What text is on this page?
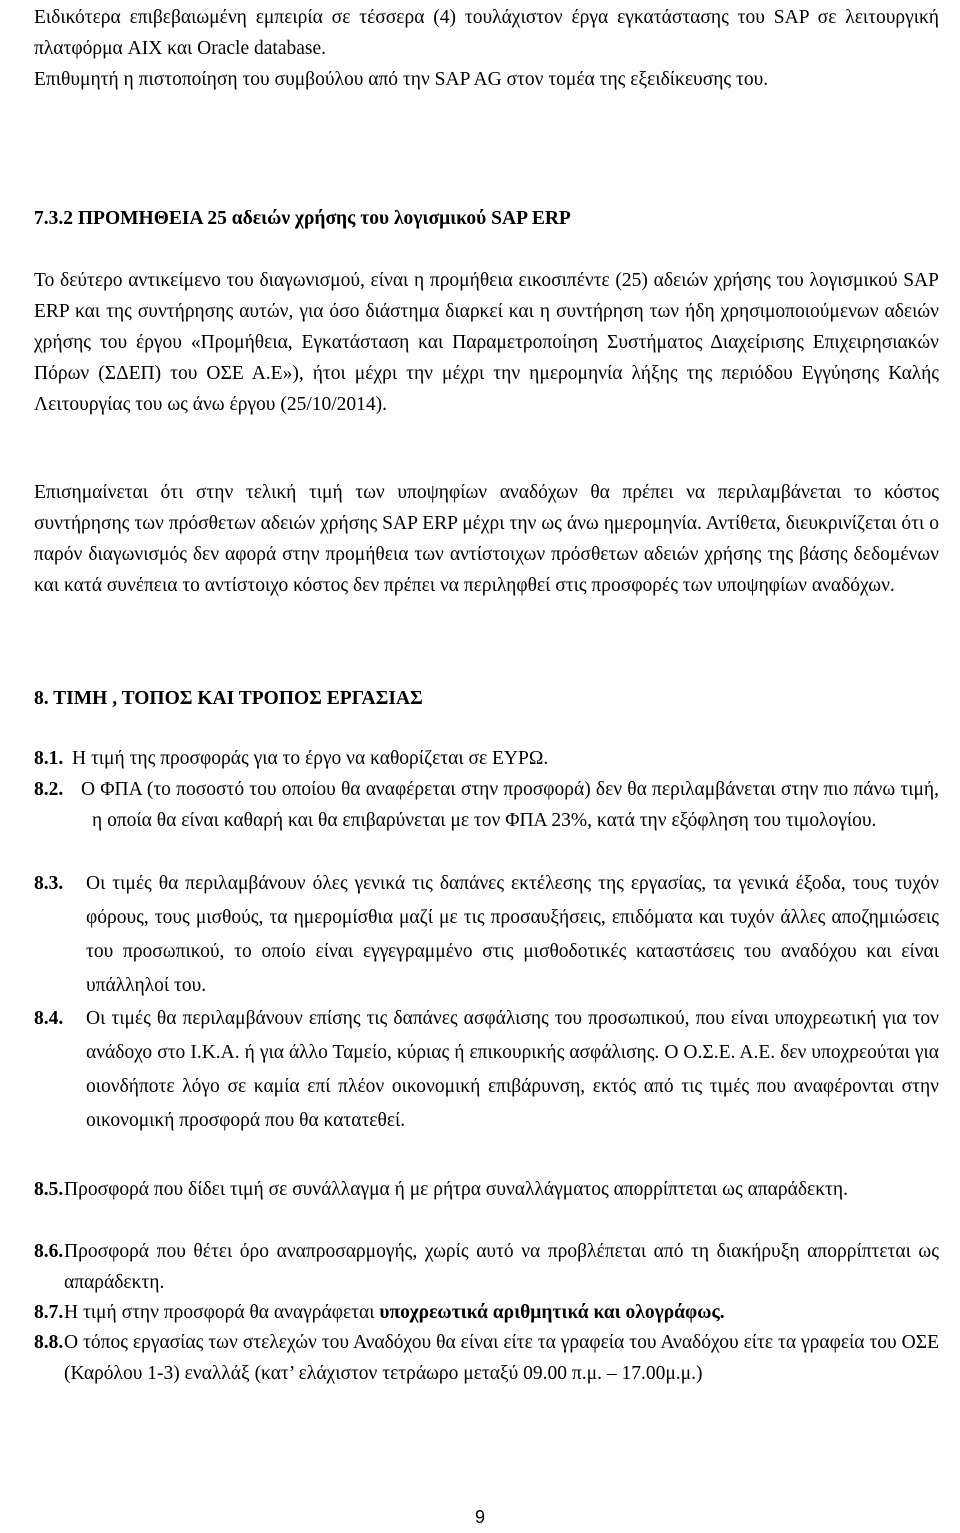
Ειδικότερα επιβεβαιωμένη εμπειρία σε τέσσερα (4) τουλάχιστον έργα εγκατάστασης του SAP σε λειτουργική πλατφόρμα AIX και Oracle database.

Επιθυμητή η πιστοποίηση του συμβούλου από την SAP AG στον τομέα της εξειδίκευσης του.

7.3.2 ΠΡΟΜΗΘΕΙΑ 25 αδειών χρήσης του λογισμικού SAP ERP

Το δεύτερο αντικείμενο του διαγωνισμού, είναι η προμήθεια εικοσιπέντε (25) αδειών χρήσης του λογισμικού SAP ERP και της συντήρησης αυτών, για όσο διάστημα διαρκεί και η συντήρηση των ήδη χρησιμοποιούμενων αδειών χρήσης του έργου «Προμήθεια, Εγκατάσταση και Παραμετροποίηση Συστήματος Διαχείρισης Επιχειρησιακών Πόρων (ΣΔΕΠ) του ΟΣΕ Α.Ε»), ήτοι μέχρι την μέχρι την ημερομηνία λήξης της περιόδου Εγγύησης Καλής Λειτουργίας του ως άνω έργου (25/10/2014).

Επισημαίνεται ότι στην τελική τιμή των υποψηφίων αναδόχων θα πρέπει να περιλαμβάνεται το κόστος συντήρησης των πρόσθετων αδειών χρήσης SAP ERP μέχρι την ως άνω ημερομηνία. Αντίθετα, διευκρινίζεται ότι ο παρόν διαγωνισμός δεν αφορά στην προμήθεια των αντίστοιχων πρόσθετων αδειών χρήσης της βάσης δεδομένων και κατά συνέπεια το αντίστοιχο κόστος δεν πρέπει να περιληφθεί στις προσφορές των υποψηφίων αναδόχων.

8. ΤΙΜΗ , ΤΟΠΟΣ ΚΑΙ ΤΡΟΠΟΣ ΕΡΓΑΣΙΑΣ

8.1. Η τιμή της προσφοράς για το έργο να καθορίζεται σε ΕΥΡΩ.
8.2. Ο ΦΠΑ (το ποσοστό του οποίου θα αναφέρεται στην προσφορά) δεν θα περιλαμβάνεται στην πιο πάνω τιμή, η οποία θα είναι καθαρή και θα επιβαρύνεται με τον ΦΠΑ 23%, κατά την εξόφληση του τιμολογίου.
8.3.	Οι τιμές θα περιλαμβάνουν όλες γενικά τις δαπάνες εκτέλεσης της εργασίας, τα γενικά έξοδα, τους τυχόν φόρους, τους μισθούς, τα ημερομίσθια μαζί με τις προσαυξήσεις, επιδόματα και τυχόν άλλες αποζημιώσεις του προσωπικού, το οποίο είναι εγγεγραμμένο στις μισθοδοτικές καταστάσεις του αναδόχου και είναι υπάλληλοί του.
8.4.	Οι τιμές θα περιλαμβάνουν επίσης τις δαπάνες ασφάλισης του προσωπικού, που είναι υποχρεωτική για τον ανάδοχο στο Ι.Κ.Α. ή για άλλο Ταμείο, κύριας ή επικουρικής ασφάλισης. Ο Ο.Σ.Ε. Α.Ε. δεν υποχρεούται για οιονδήποτε λόγο σε καμία επί πλέον οικονομική επιβάρυνση, εκτός από τις τιμές που αναφέρονται στην οικονομική προσφορά που θα κατατεθεί.
8.5. Προσφορά που δίδει τιμή σε συνάλλαγμα ή με ρήτρα συναλλάγματος απορρίπτεται ως απαράδεκτη.
8.6. Προσφορά που θέτει όρο αναπροσαρμογής, χωρίς αυτό να προβλέπεται από τη διακήρυξη απορρίπτεται ως απαράδεκτη.
8.7. Η τιμή στην προσφορά θα αναγράφεται υποχρεωτικά αριθμητικά και ολογράφως.
8.8. Ο τόπος εργασίας των στελεχών του Αναδόχου θα είναι είτε τα γραφεία του Αναδόχου είτε τα γραφεία του ΟΣΕ (Καρόλου 1-3) εναλλάξ (κατ’ ελάχιστον τετράωρο μεταξύ 09.00 π.μ. – 17.00μ.μ.)
9
